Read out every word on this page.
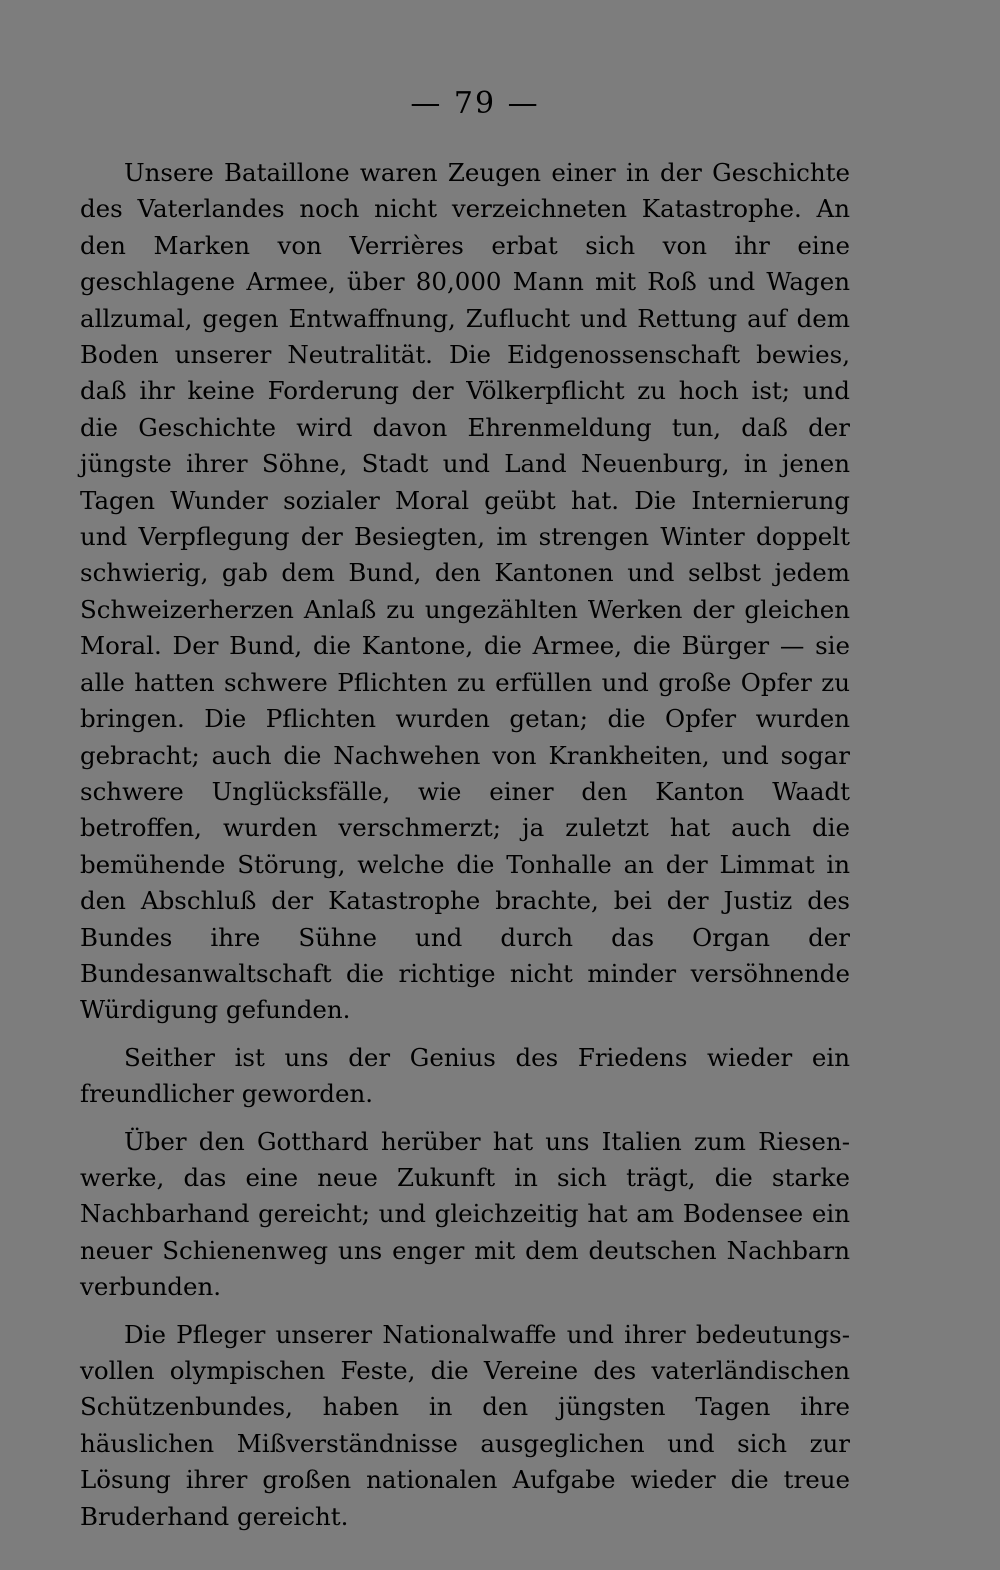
— 79 —

Unsere Bataillone waren Zeugen einer in der Geschichte des Vaterlandes noch nicht verzeichneten Katastrophe. An den Marken von Verrières erbat sich von ihr eine geschlagene Armee, über 80,000 Mann mit Roß und Wagen allzumal, gegen Entwaffnung, Zuflucht und Rettung auf dem Boden unserer Neutralität. Die Eidgenossenschaft bewies, daß ihr keine Forderung der Völkerpflicht zu hoch ist; und die Geschichte wird davon Ehrenmeldung tun, daß der jüngste ihrer Söhne, Stadt und Land Neuenburg, in jenen Tagen Wunder sozialer Moral geübt hat. Die Internierung und Verpflegung der Besiegten, im strengen Winter doppelt schwierig, gab dem Bund, den Kantonen und selbst jedem Schweizerherzen Anlaß zu ungezählten Werken der gleichen Moral. Der Bund, die Kantone, die Armee, die Bürger — sie alle hatten schwere Pflichten zu erfüllen und große Opfer zu bringen. Die Pflichten wurden getan; die Opfer wurden gebracht; auch die Nachwehen von Krankheiten, und sogar schwere Unglücksfälle, wie einer den Kanton Waadt betroffen, wurden verschmerzt; ja zuletzt hat auch die bemühende Störung, welche die Tonhalle an der Limmat in den Abschluß der Katastrophe brachte, bei der Justiz des Bundes ihre Sühne und durch das Organ der Bundesanwaltschaft die richtige nicht minder versöhnende Würdigung gefunden.

Seither ist uns der Genius des Friedens wieder ein freundlicher geworden.

Über den Gotthard herüber hat uns Italien zum Riesenwerke, das eine neue Zukunft in sich trägt, die starke Nachbarhand gereicht; und gleichzeitig hat am Bodensee ein neuer Schienenweg uns enger mit dem deutschen Nachbarn verbunden.

Die Pfleger unserer Nationalwaffe und ihrer bedeutungsvollen olympischen Feste, die Vereine des vaterländischen Schützenbundes, haben in den jüngsten Tagen ihre häuslichen Mißverständnisse ausgeglichen und sich zur Lösung ihrer großen nationalen Aufgabe wieder die treue Bruderhand gereicht.
